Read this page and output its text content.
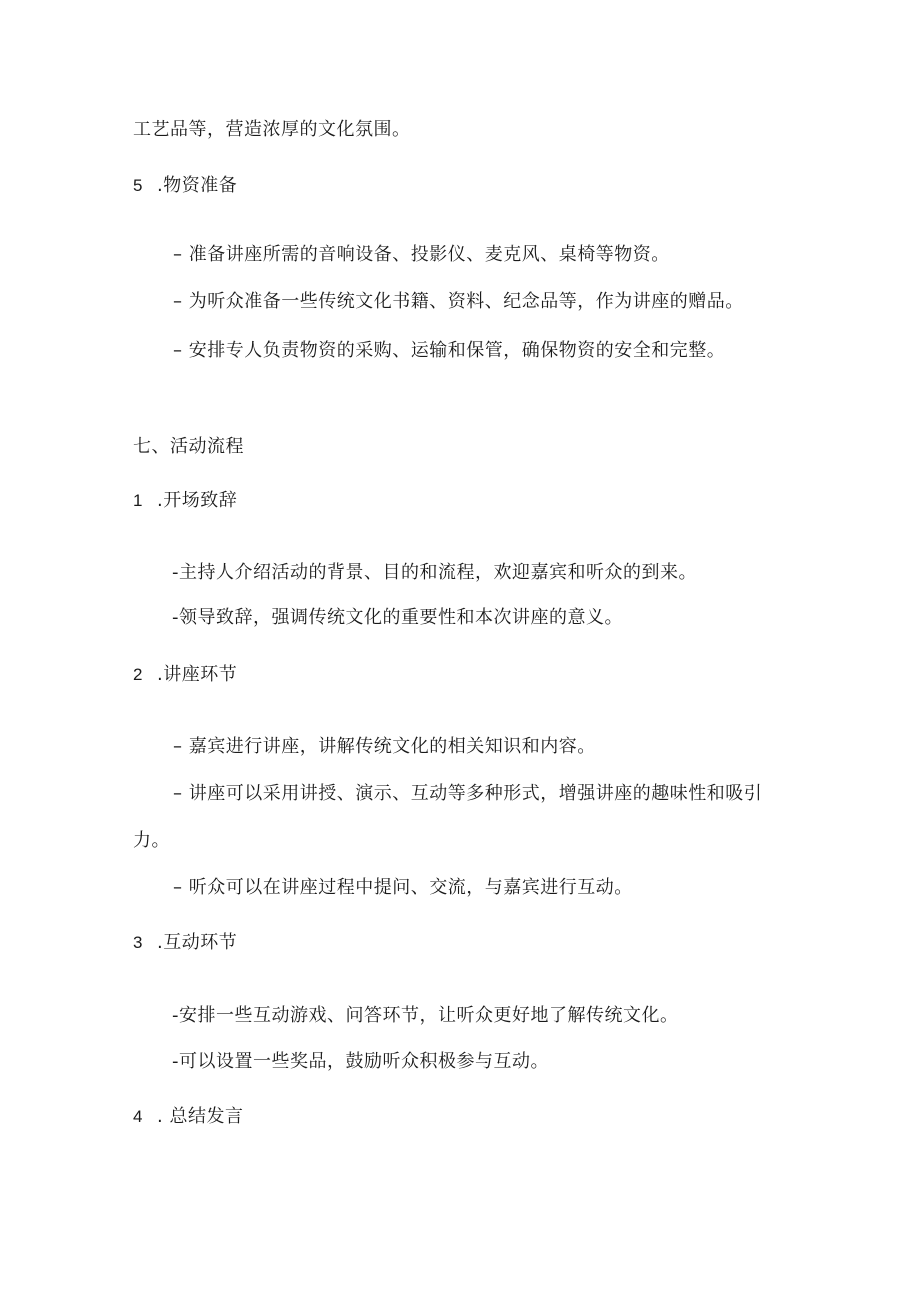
工艺品等，营造浓厚的文化氛围。
5 .物资准备
– 准备讲座所需的音响设备、投影仪、麦克风、桌椅等物资。
– 为听众准备一些传统文化书籍、资料、纪念品等，作为讲座的赠品。
– 安排专人负责物资的采购、运输和保管，确保物资的安全和完整。
七、活动流程
1 .开场致辞
-主持人介绍活动的背景、目的和流程，欢迎嘉宾和听众的到来。
-领导致辞，强调传统文化的重要性和本次讲座的意义。
2 .讲座环节
– 嘉宾进行讲座，讲解传统文化的相关知识和内容。
– 讲座可以采用讲授、演示、互动等多种形式，增强讲座的趣味性和吸引
力。
– 听众可以在讲座过程中提问、交流，与嘉宾进行互动。
3 .互动环节
-安排一些互动游戏、问答环节，让听众更好地了解传统文化。
-可以设置一些奖品，鼓励听众积极参与互动。
4 . 总结发言
